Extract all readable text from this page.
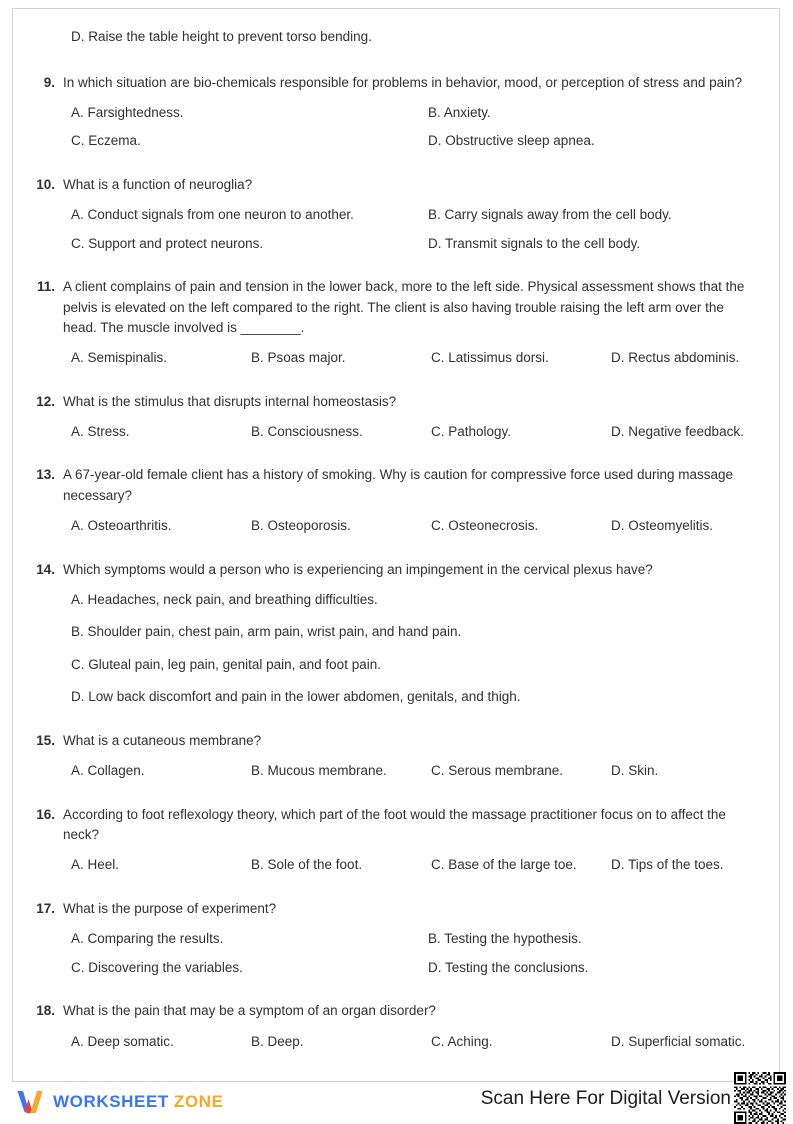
D. Raise the table height to prevent torso bending.
9. In which situation are bio-chemicals responsible for problems in behavior, mood, or perception of stress and pain?
A. Farsightedness.	B. Anxiety.
C. Eczema.	D. Obstructive sleep apnea.
10. What is a function of neuroglia?
A. Conduct signals from one neuron to another.	B. Carry signals away from the cell body.
C. Support and protect neurons.	D. Transmit signals to the cell body.
11. A client complains of pain and tension in the lower back, more to the left side. Physical assessment shows that the pelvis is elevated on the left compared to the right. The client is also having trouble raising the left arm over the head. The muscle involved is ________.
A. Semispinalis.	B. Psoas major.	C. Latissimus dorsi.	D. Rectus abdominis.
12. What is the stimulus that disrupts internal homeostasis?
A. Stress.	B. Consciousness.	C. Pathology.	D. Negative feedback.
13. A 67-year-old female client has a history of smoking. Why is caution for compressive force used during massage necessary?
A. Osteoarthritis.	B. Osteoporosis.	C. Osteonecrosis.	D. Osteomyelitis.
14. Which symptoms would a person who is experiencing an impingement in the cervical plexus have?
A. Headaches, neck pain, and breathing difficulties.
B. Shoulder pain, chest pain, arm pain, wrist pain, and hand pain.
C. Gluteal pain, leg pain, genital pain, and foot pain.
D. Low back discomfort and pain in the lower abdomen, genitals, and thigh.
15. What is a cutaneous membrane?
A. Collagen.	B. Mucous membrane.	C. Serous membrane.	D. Skin.
16. According to foot reflexology theory, which part of the foot would the massage practitioner focus on to affect the neck?
A. Heel.	B. Sole of the foot.	C. Base of the large toe.	D. Tips of the toes.
17. What is the purpose of experiment?
A. Comparing the results.	B. Testing the hypothesis.
C. Discovering the variables.	D. Testing the conclusions.
18. What is the pain that may be a symptom of an organ disorder?
A. Deep somatic.	B. Deep.	C. Aching.	D. Superficial somatic.
WORKSHEET ZONE	Scan Here For Digital Version
